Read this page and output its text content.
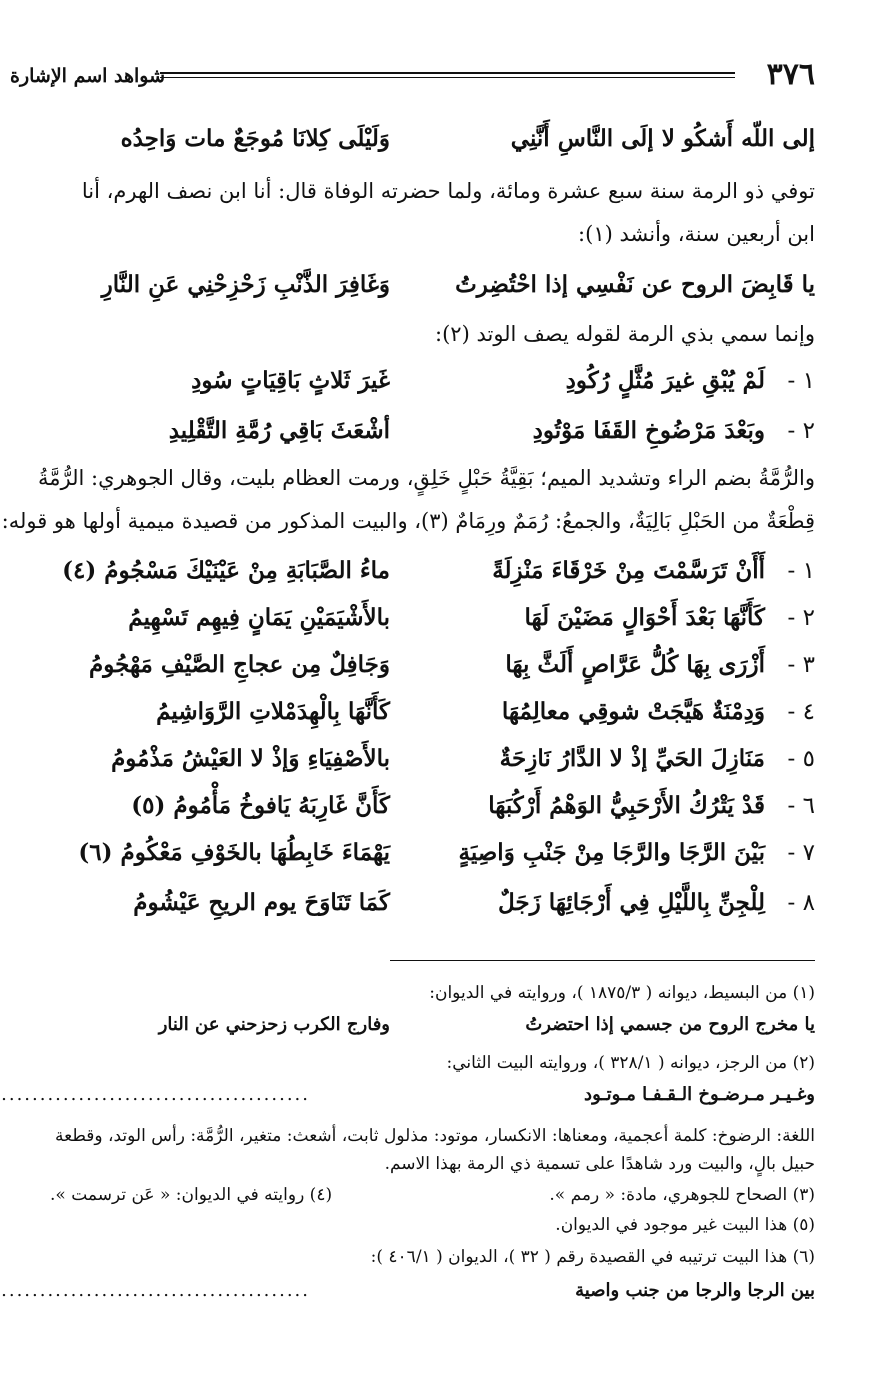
٣٧٦
شواهد اسم الإشارة
إلى اللّه أَشكُو لا إلَى النَّاسِ أَنَّنِي
وَلَيْلَى كِلانَا مُوجَعٌ مات وَاحِدُه
توفي ذو الرمة سنة سبع عشرة ومائة، ولما حضرته الوفاة قال: أنا ابن نصف الهرم، أنا
ابن أربعين سنة، وأنشد (١):
يا قَابِضَ الروح عن نَفْسِي إذا احْتُضِرتُ
وَغَافِرَ الذَّنْبِ زَحْزِحْنِي عَنِ النَّارِ
وإنما سمي بذي الرمة لقوله يصف الوتد (٢):
١ -
لَمْ يُبْقِ غيرَ مُثَّلٍ رُكُودِ
غَيرَ ثَلاثٍ بَاقِيَاتٍ سُودِ
٢ -
وبَعْدَ مَرْضُوخِ القَفَا مَوْتُودِ
أشْعَثَ بَاقِي رُمَّةِ التَّقْلِيدِ
والرُّمَّةُ بضم الراء وتشديد الميم؛ بَقِيَّةُ حَبْلٍ خَلِقٍ، ورمت العظام بليت، وقال الجوهري: الرُّمَّةُ
قِطْعَةٌ من الحَبْلِ بَالِيَةٌ، والجمعُ: رُمَمٌ ورِمَامٌ (٣)، والبيت المذكور من قصيدة ميمية أولها هو قوله:
١ -
أَأَنْ تَرَسَّمْتَ مِنْ خَرْقَاءَ مَنْزِلَةً
ماءُ الصَّبَابَةِ مِنْ عَيْنَيْكَ مَسْجُومُ (٤)
٢ -
كَأَنَّهَا بَعْدَ أَحْوَالٍ مَضَيْنَ لَهَا
بالأَشْيَمَيْنِ يَمَانٍ فِيهِم تَسْهِيمُ
٣ -
أَزْرَى بِهَا كُلُّ عَرَّاصٍ أَلَثَّ بِهَا
وَجَافِلٌ مِن عجاجِ الصَّيْفِ مَهْجُومُ
٤ -
وَدِمْنَةٌ هَيَّجَتْ شوقِي معالِمُهَا
كَأَنَّهَا بِالْهِدَمْلاتِ الرَّوَاشِيمُ
٥ -
مَنَازِلَ الحَيِّ إذْ لا الدَّارُ نَازِحَةٌ
بالأَصْفِيَاءِ وَإذْ لا العَيْشُ مَذْمُومُ
٦ -
قَدْ يَتْرُكُ الأَرْحَبِيُّ الوَهْمُ أَرْكُبَهَا
كَأَنَّ غَارِبَهُ يَافوخُ مَأْمُومُ (٥)
٧ -
بَيْنَ الرَّجَا والرَّجَا مِنْ جَنْبِ وَاصِيَةٍ
يَهْمَاءَ خَابِطُهَا بالخَوْفِ مَعْكُومُ (٦)
٨ -
لِلْجِنِّ بِاللَّيْلِ فِي أَرْجَائِهَا زَجَلٌ
كَمَا تَنَاوَحَ يوم الريحِ عَيْشُومُ
(١) من البسيط، ديوانه ( ١٨٧٥/٣ )، وروايته في الديوان:
يا مخرج الروح من جسمي إذا احتضرتُ
وفارج الكرب زحزحني عن النار
(٢) من الرجز، ديوانه ( ٣٢٨/١ )، وروايته البيت الثاني:
وغـيـر مـرضـوخ الـقـفـا مـوتـود
........................................
اللغة: الرضوخ: كلمة أعجمية، ومعناها: الانكسار، موتود: مذلول ثابت، أشعث: متغير، الرُّمَّة: رأس الوتد، وقطعة
حبيل بالٍ، والبيت ورد شاهدًا على تسمية ذي الرمة بهذا الاسم.
(٣) الصحاح للجوهري، مادة: « رمم ».
(٤) روايته في الديوان: « عَن ترسمت ».
(٥) هذا البيت غير موجود في الديوان.
(٦) هذا البيت ترتيبه في القصيدة رقم ( ٣٢ )، الديوان ( ٤٠٦/١ ):
بين الرجا والرجا من جنب واصية
........................................
